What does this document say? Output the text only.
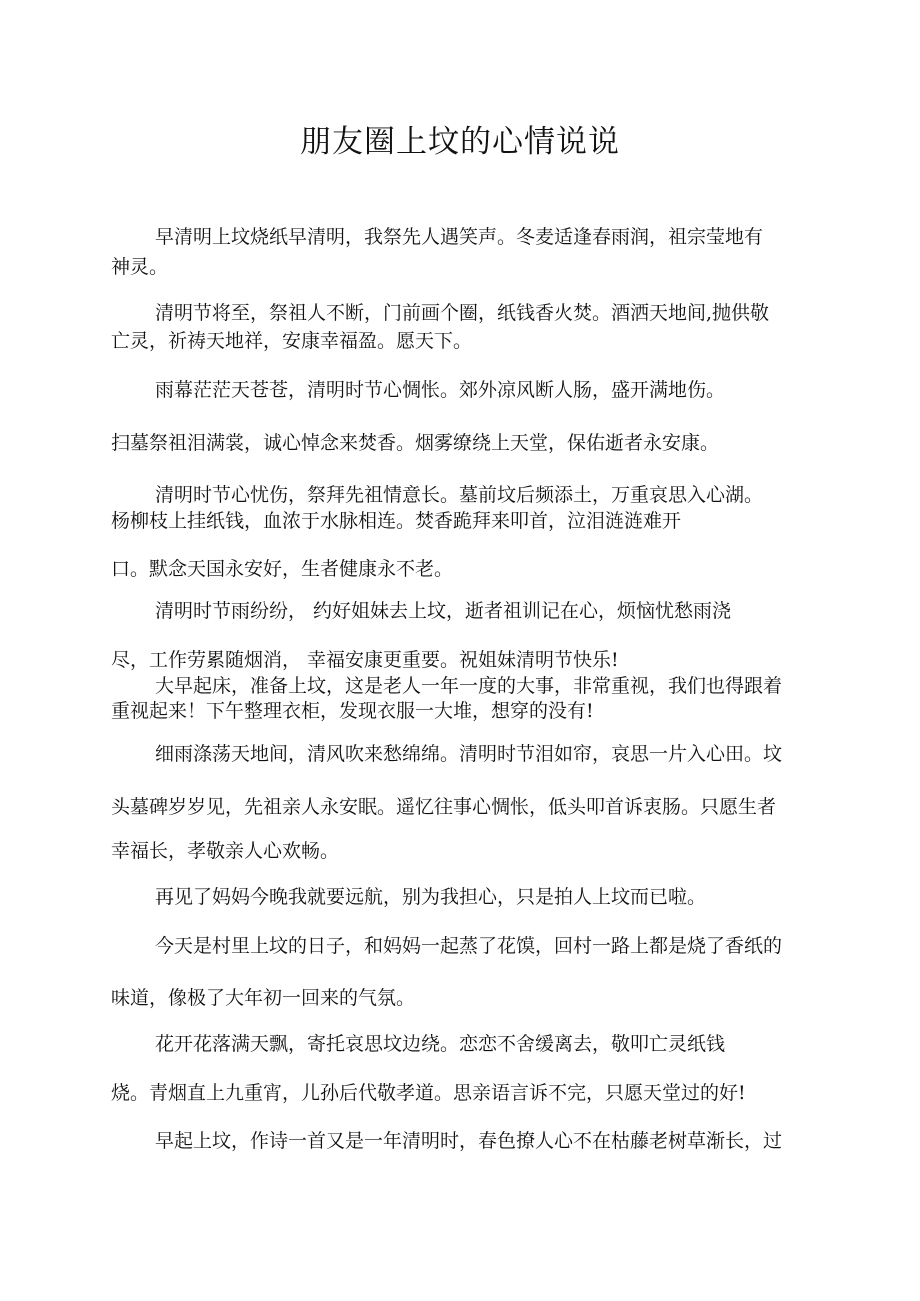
朋友圈上坟的心情说说

早清明上坟烧纸早清明，我祭先人遇笑声。冬麦适逢春雨润，祖宗莹地有

神灵。

清明节将至，祭祖人不断，门前画个圈，纸钱香火焚。酒洒天地间,抛供敬

亡灵，祈祷天地祥，安康幸福盈。愿天下。

雨幕茫茫天苍苍，清明时节心惆怅。郊外凉风断人肠，盛开满地伤。

扫墓祭祖泪满裳，诚心悼念来焚香。烟雾缭绕上天堂，保佑逝者永安康。

清明时节心忧伤，祭拜先祖情意长。墓前坟后频添土，万重哀思入心湖。

杨柳枝上挂纸钱，血浓于水脉相连。焚香跪拜来叩首，泣泪涟涟难开

口。默念天国永安好，生者健康永不老。

清明时节雨纷纷， 约好姐妹去上坟，逝者祖训记在心，烦恼忧愁雨浇

尽，工作劳累随烟消， 幸福安康更重要。祝姐妹清明节快乐!

大早起床，准备上坟，这是老人一年一度的大事，非常重视，我们也得跟着

重视起来！下午整理衣柜，发现衣服一大堆，想穿的没有!

细雨涤荡天地间，清风吹来愁绵绵。清明时节泪如帘，哀思一片入心田。坟

头墓碑岁岁见，先祖亲人永安眠。遥忆往事心惆怅，低头叩首诉衷肠。只愿生者

幸福长，孝敬亲人心欢畅。

再见了妈妈今晚我就要远航，别为我担心，只是拍人上坟而已啦。

今天是村里上坟的日子，和妈妈一起蒸了花馍，回村一路上都是烧了香纸的

味道，像极了大年初一回来的气氛。

花开花落满天飘，寄托哀思坟边绕。恋恋不舍缓离去，敬叩亡灵纸钱

烧。青烟直上九重宵，儿孙后代敬孝道。思亲语言诉不完，只愿天堂过的好!

早起上坟，作诗一首又是一年清明时，春色撩人心不在枯藤老树草渐长，过
